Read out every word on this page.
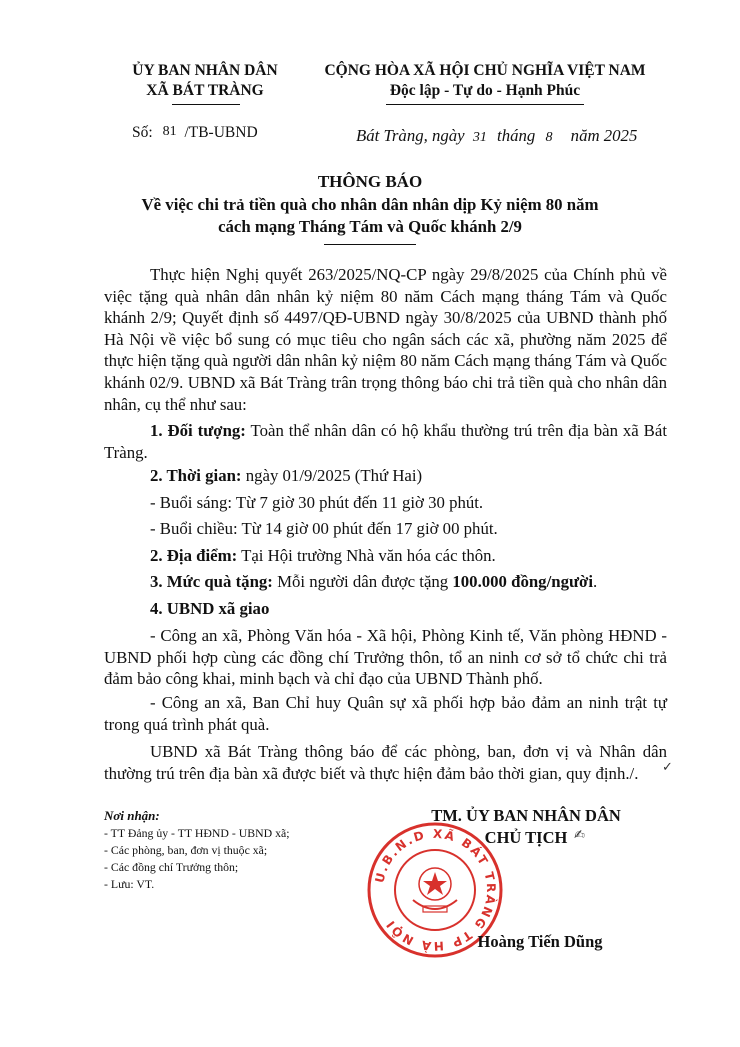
ỦY BAN NHÂN DÂN
XÃ BÁT TRÀNG
CỘNG HÒA XÃ HỘI CHỦ NGHĨA VIỆT NAM
Độc lập - Tự do - Hạnh Phúc
Số: 81 /TB-UBND	Bát Tràng, ngày 31 tháng 8 năm 2025
THÔNG BÁO
Về việc chi trả tiền quà cho nhân dân nhân dịp Kỷ niệm 80 năm
cách mạng Tháng Tám và Quốc khánh 2/9
Thực hiện Nghị quyết 263/2025/NQ-CP ngày 29/8/2025 của Chính phủ về việc tặng quà nhân dân nhân kỷ niệm 80 năm Cách mạng tháng Tám và Quốc khánh 2/9; Quyết định số 4497/QĐ-UBND ngày 30/8/2025 của UBND thành phố Hà Nội về việc bổ sung có mục tiêu cho ngân sách các xã, phường năm 2025 để thực hiện tặng quà người dân nhân kỷ niệm 80 năm Cách mạng tháng Tám và Quốc khánh 02/9. UBND xã Bát Tràng trân trọng thông báo chi trả tiền quà cho nhân dân nhân, cụ thể như sau:
1. Đối tượng: Toàn thể nhân dân có hộ khẩu thường trú trên địa bàn xã Bát Tràng.
2. Thời gian: ngày 01/9/2025 (Thứ Hai)
- Buổi sáng: Từ 7 giờ 30 phút đến 11 giờ 30 phút.
- Buổi chiều: Từ 14 giờ 00 phút đến 17 giờ 00 phút.
2. Địa điểm: Tại Hội trường Nhà văn hóa các thôn.
3. Mức quà tặng: Mỗi người dân được tặng 100.000 đồng/người.
4. UBND xã giao
- Công an xã, Phòng Văn hóa - Xã hội, Phòng Kinh tế, Văn phòng HĐND - UBND phối hợp cùng các đồng chí Trưởng thôn, tổ an ninh cơ sở tổ chức chi trả đảm bảo công khai, minh bạch và chỉ đạo của UBND Thành phố.
- Công an xã, Ban Chỉ huy Quân sự xã phối hợp bảo đảm an ninh trật tự trong quá trình phát quà.
UBND xã Bát Tràng thông báo để các phòng, ban, đơn vị và Nhân dân thường trú trên địa bàn xã được biết và thực hiện đảm bảo thời gian, quy định./.	✓
Nơi nhận:
- TT Đảng ủy - TT HĐND - UBND xã;
- Các phòng, ban, đơn vị thuộc xã;
- Các đồng chí Trưởng thôn;
- Lưu: VT.	U.B.N.D XÃ BÁT TRÀNG TP HÀ NỘI
TM. ỦY BAN NHÂN DÂN
CHỦ TỊCH ✍
Hoàng Tiến Dũng
